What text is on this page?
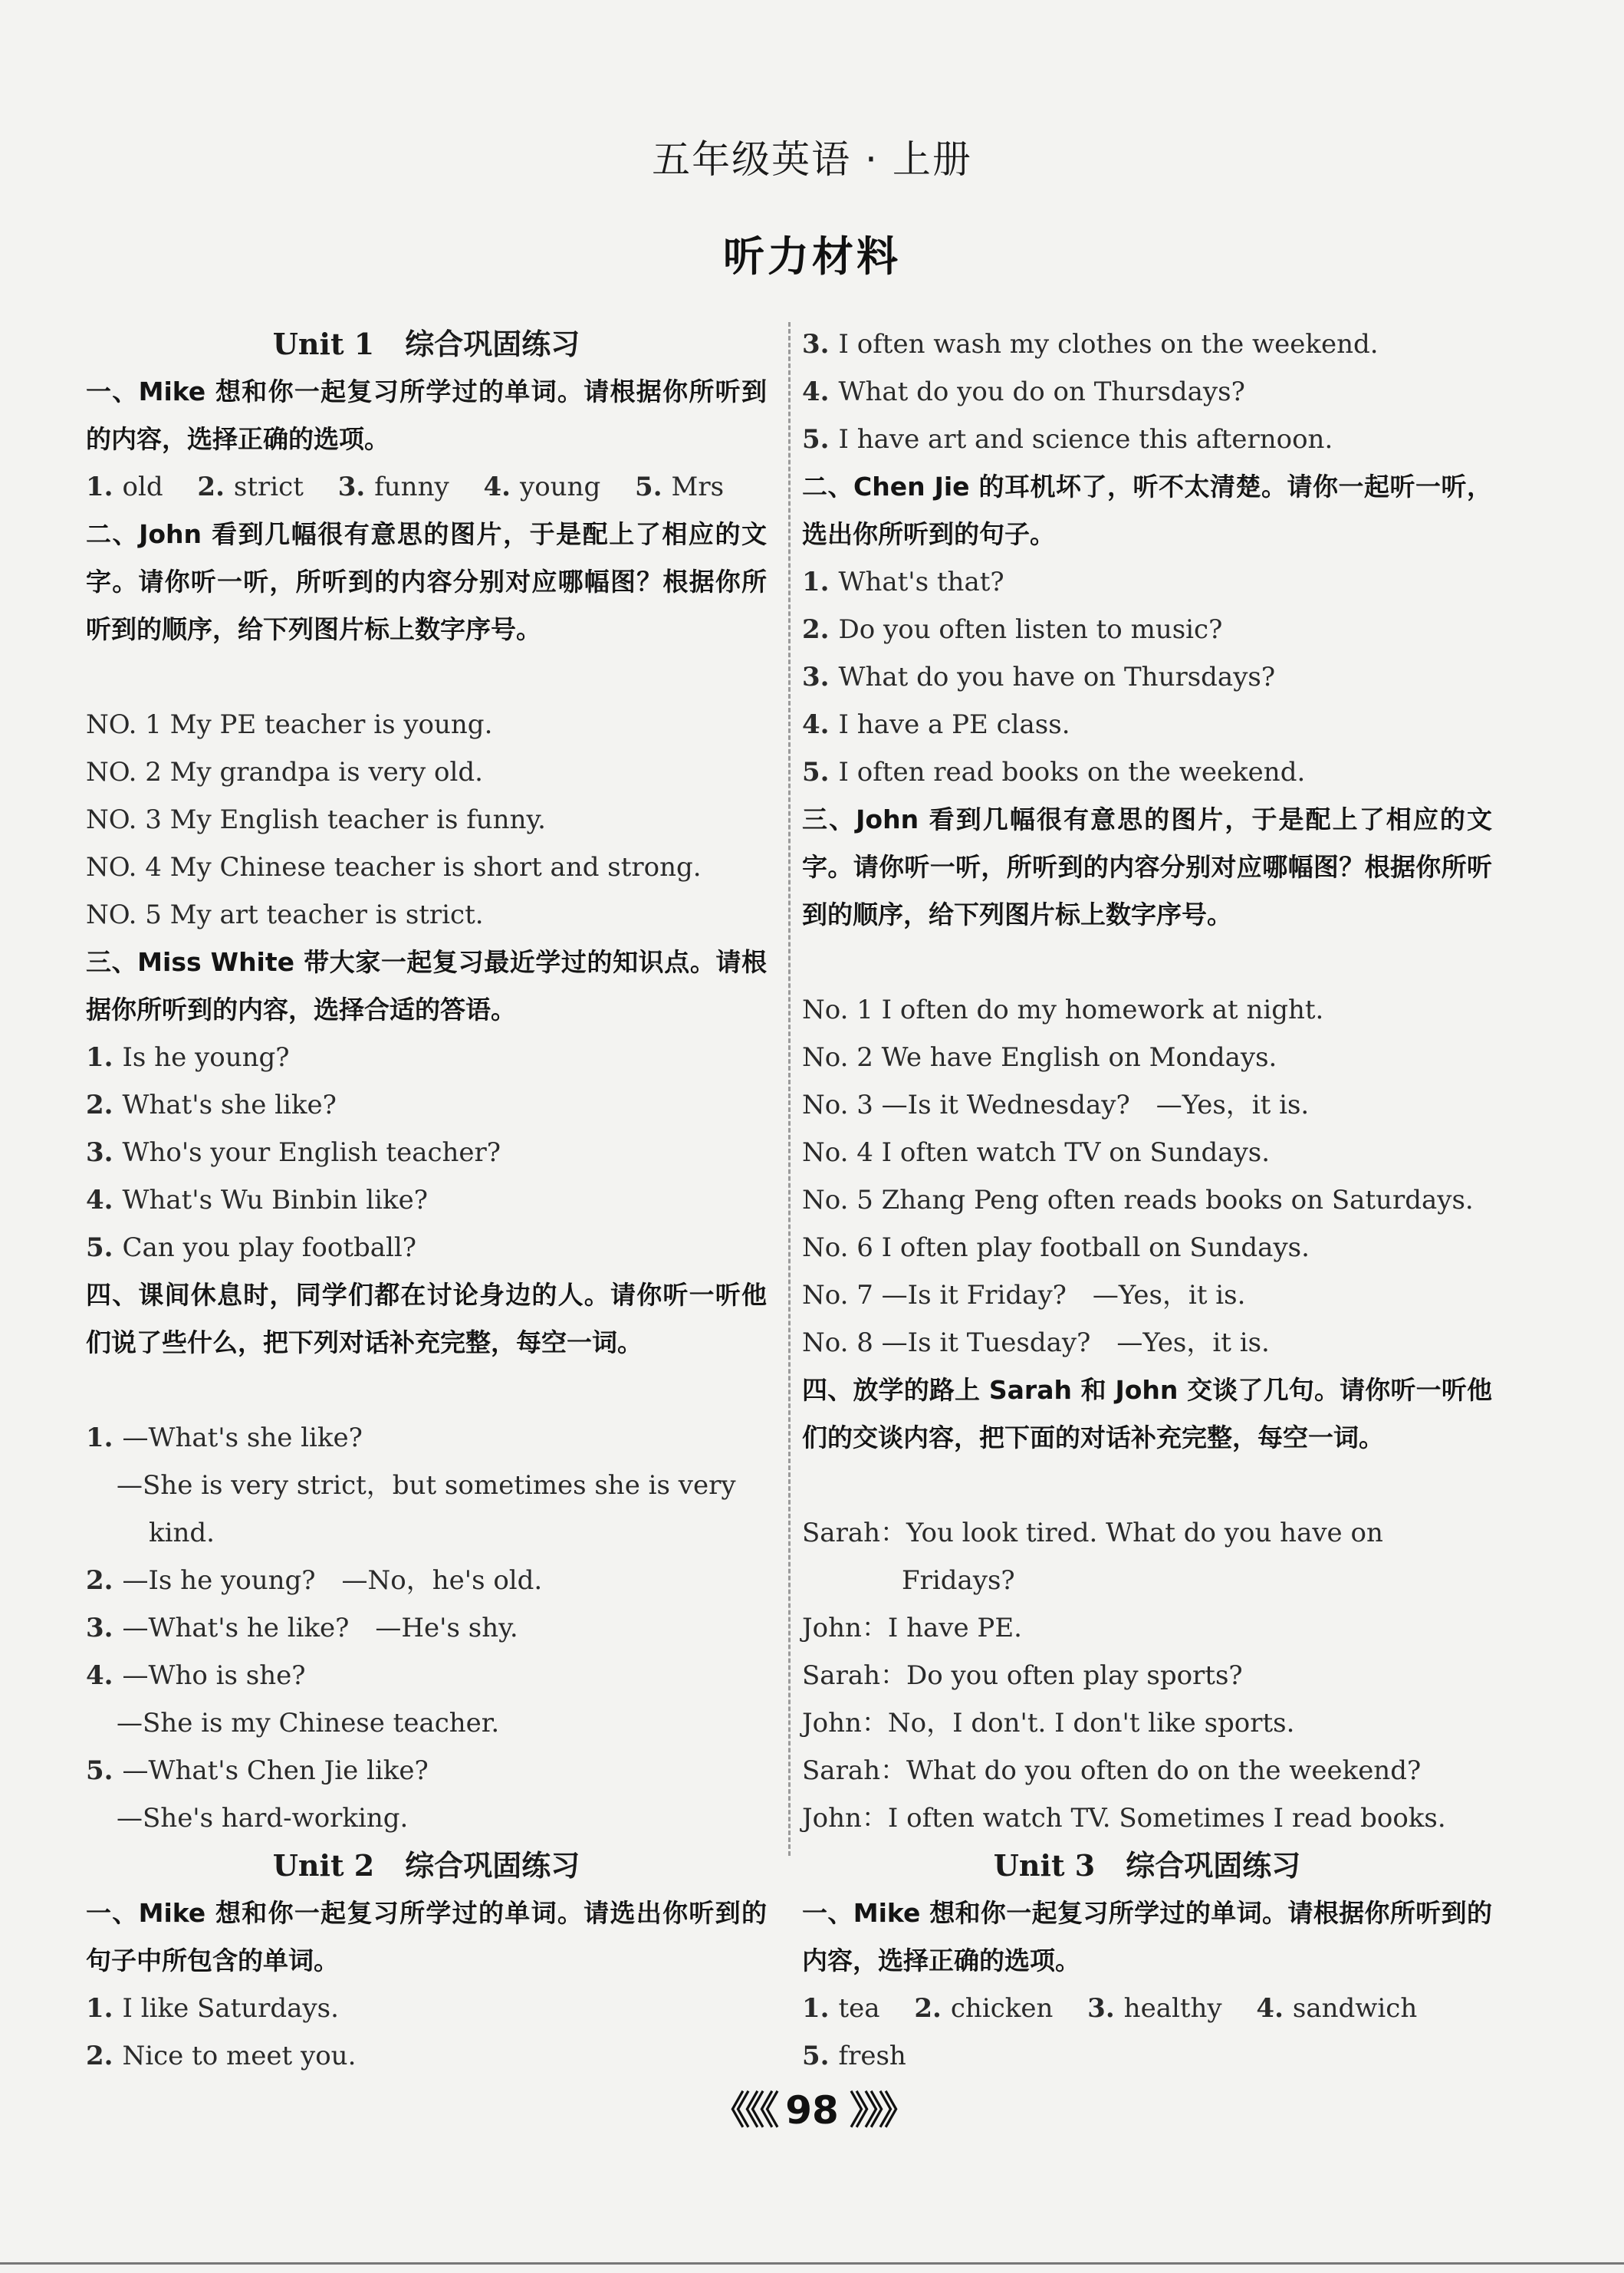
五年级英语 · 上册
听力材料
Unit 1 综合巩固练习
一、Mike 想和你一起复习所学过的单词。请根据你所听到的内容，选择正确的选项。
1. old 2. strict 3. funny 4. young 5. Mrs
二、John 看到几幅很有意思的图片，于是配上了相应的文字。请你听一听，所听到的内容分别对应哪幅图？根据你所听到的顺序，给下列图片标上数字序号。
NO. 1 My PE teacher is young.
NO. 2 My grandpa is very old.
NO. 3 My English teacher is funny.
NO. 4 My Chinese teacher is short and strong.
NO. 5 My art teacher is strict.
三、Miss White 带大家一起复习最近学过的知识点。请根据你所听到的内容，选择合适的答语。
1. Is he young?
2. What's she like?
3. Who's your English teacher?
4. What's Wu Binbin like?
5. Can you play football?
四、课间休息时，同学们都在讨论身边的人。请你听一听他们说了些什么，把下列对话补充完整，每空一词。
1. —What's she like?
—She is very strict，but sometimes she is very
kind.
2. —Is he young?　—No，he's old.
3. —What's he like?　—He's shy.
4. —Who is she?
—She is my Chinese teacher.
5. —What's Chen Jie like?
—She's hard-working.
Unit 2 综合巩固练习
一、Mike 想和你一起复习所学过的单词。请选出你听到的句子中所包含的单词。
1. I like Saturdays.
2. Nice to meet you.
3. I often wash my clothes on the weekend.
4. What do you do on Thursdays?
5. I have art and science this afternoon.
二、Chen Jie 的耳机坏了，听不太清楚。请你一起听一听，选出你所听到的句子。
1. What's that?
2. Do you often listen to music?
3. What do you have on Thursdays?
4. I have a PE class.
5. I often read books on the weekend.
三、John 看到几幅很有意思的图片，于是配上了相应的文字。请你听一听，所听到的内容分别对应哪幅图？根据你所听到的顺序，给下列图片标上数字序号。
No. 1 I often do my homework at night.
No. 2 We have English on Mondays.
No. 3 —Is it Wednesday?　—Yes，it is.
No. 4 I often watch TV on Sundays.
No. 5 Zhang Peng often reads books on Saturdays.
No. 6 I often play football on Sundays.
No. 7 —Is it Friday?　—Yes，it is.
No. 8 —Is it Tuesday?　—Yes，it is.
四、放学的路上 Sarah 和 John 交谈了几句。请你听一听他们的交谈内容，把下面的对话补充完整，每空一词。
Sarah：You look tired. What do you have on
Fridays?
John：I have PE.
Sarah：Do you often play sports?
John：No，I don't. I don't like sports.
Sarah：What do you often do on the weekend?
John：I often watch TV. Sometimes I read books.
Unit 3 综合巩固练习
一、Mike 想和你一起复习所学过的单词。请根据你所听到的内容，选择正确的选项。
1. tea 2. chicken 3. healthy 4. sandwich
5. fresh
《《《 98 》》》
